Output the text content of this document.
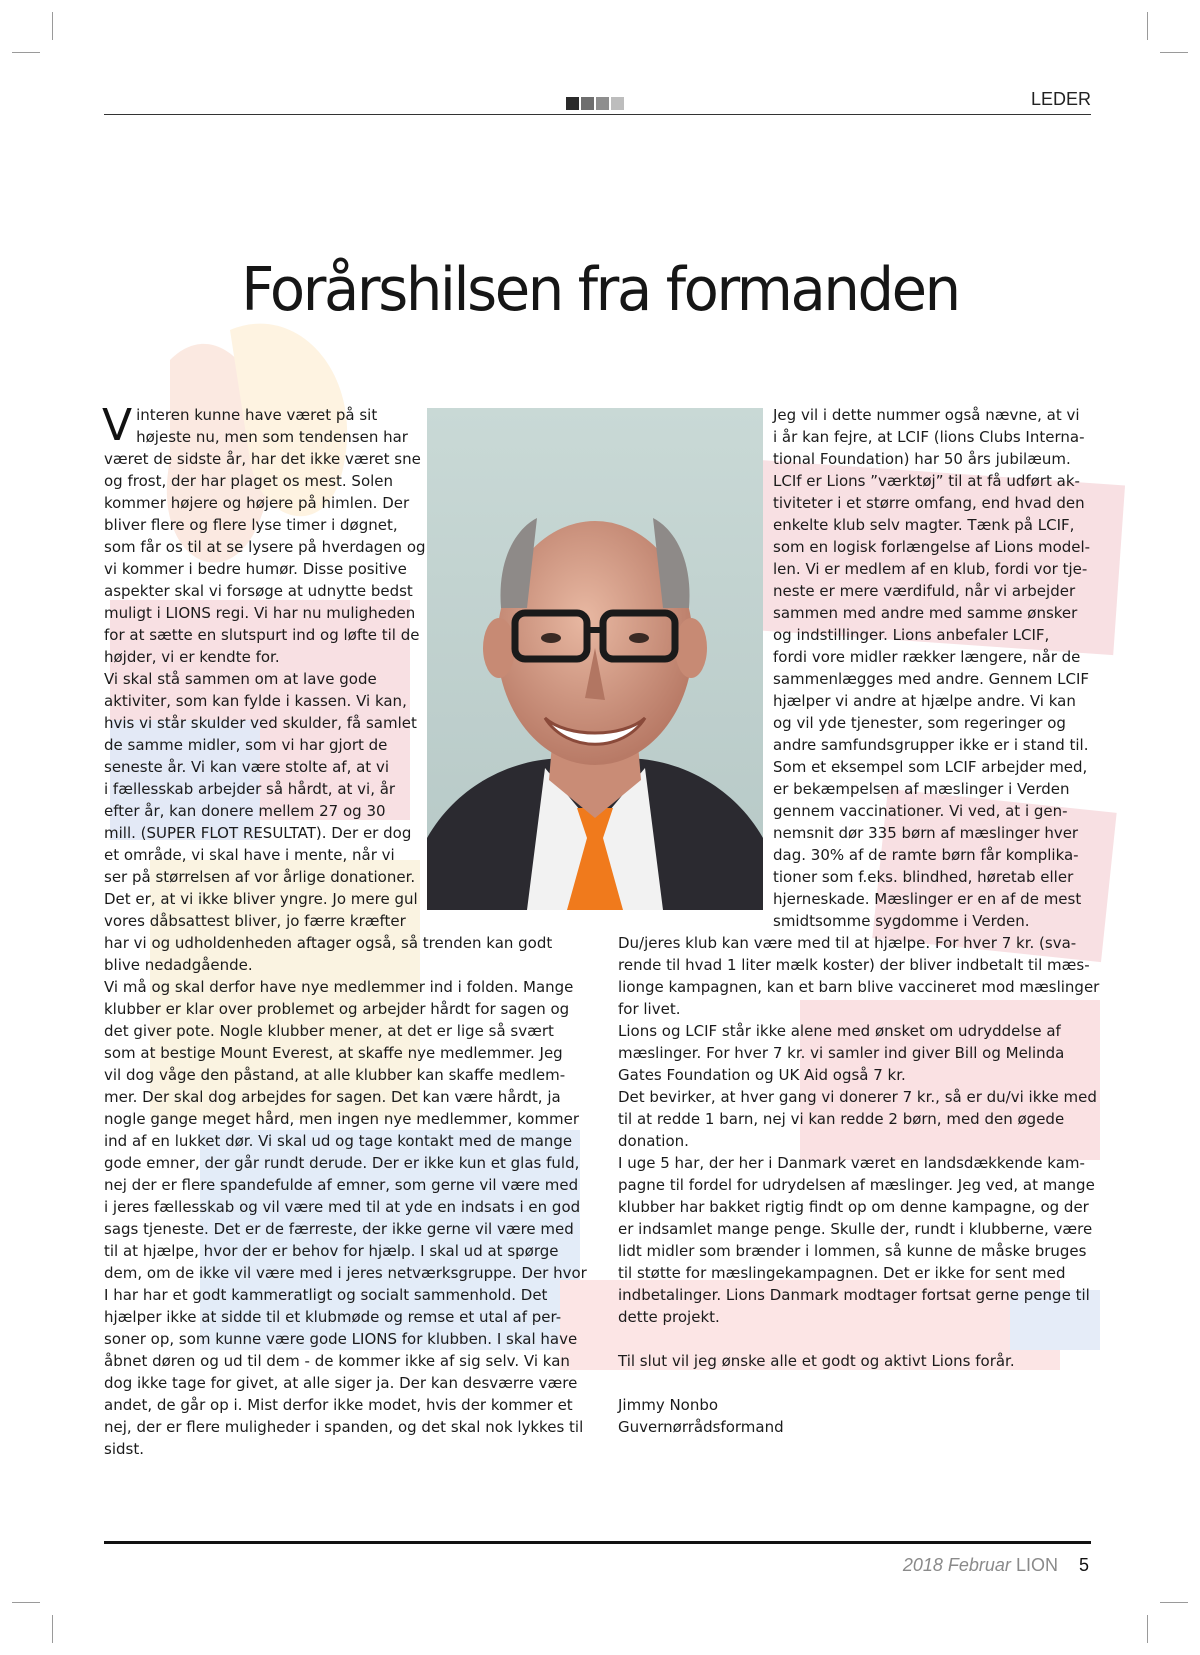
LEDER
Forårshilsen fra formanden
V interen kunne have været på sit

højeste nu, men som tendensen har

været de sidste år, har det ikke været sne

og frost, der har plaget os mest. Solen

kommer højere og højere på himlen. Der

bliver flere og flere lyse timer i døgnet,

som får os til at se lysere på hverdagen og

vi kommer i bedre humør. Disse positive

aspekter skal vi forsøge at udnytte bedst

muligt i LIONS regi. Vi har nu muligheden

for at sætte en slutspurt ind og løfte til de

højder, vi er kendte for.

Vi skal stå sammen om at lave gode

aktiviter, som kan fylde i kassen. Vi kan,

hvis vi står skulder ved skulder, få samlet

de samme midler, som vi har gjort de

seneste år. Vi kan være stolte af, at vi

i fællesskab arbejder så hårdt, at vi, år

efter år, kan donere mellem 27 og 30

mill. (SUPER FLOT RESULTAT). Der er dog

et område, vi skal have i mente, når vi

ser på størrelsen af vor årlige donationer.

Det er, at vi ikke bliver yngre. Jo mere gul

vores dåbsattest bliver, jo færre kræfter

har vi og udholdenheden aftager også, så trenden kan godt

blive nedadgående.

Vi må og skal derfor have nye medlemmer ind i folden. Mange

klubber er klar over problemet og arbejder hårdt for sagen og

det giver pote. Nogle klubber mener, at det er lige så svært

som at bestige Mount Everest, at skaffe nye medlemmer. Jeg

vil dog våge den påstand, at alle klubber kan skaffe medlem-

mer. Der skal dog arbejdes for sagen. Det kan være hårdt, ja

nogle gange meget hård, men ingen nye medlemmer, kommer

ind af en lukket dør. Vi skal ud og tage kontakt med de mange

gode emner, der går rundt derude. Der er ikke kun et glas fuld,

nej der er flere spandefulde af emner, som gerne vil være med

i jeres fællesskab og vil være med til at yde en indsats i en god

sags tjeneste. Det er de færreste, der ikke gerne vil være med

til at hjælpe, hvor der er behov for hjælp. I skal ud at spørge

dem, om de ikke vil være med i jeres netværksgruppe. Der hvor

I har har et godt kammeratligt og socialt sammenhold. Det

hjælper ikke at sidde til et klubmøde og remse et utal af per-

soner op, som kunne være gode LIONS for klubben. I skal have

åbnet døren og ud til dem - de kommer ikke af sig selv. Vi kan

dog ikke tage for givet, at alle siger ja. Der kan desværre være

andet, de går op i. Mist derfor ikke modet, hvis der kommer et

nej, der er flere muligheder i spanden, og det skal nok lykkes til

sidst.

Jeg vil i dette nummer også nævne, at vi

i år kan fejre, at LCIF (lions Clubs Interna-

tional Foundation) har 50 års jubilæum.

LCIf er Lions ”værktøj” til at få udført ak-

tiviteter i et større omfang, end hvad den

enkelte klub selv magter. Tænk på LCIF,

som en logisk forlængelse af Lions model-

len. Vi er medlem af en klub, fordi vor tje-

neste er mere værdifuld, når vi arbejder

sammen med andre med samme ønsker

og indstillinger. Lions anbefaler LCIF,

fordi vore midler rækker længere, når de

sammenlægges med andre. Gennem LCIF

hjælper vi andre at hjælpe andre. Vi kan

og vil yde tjenester, som regeringer og

andre samfundsgrupper ikke er i stand til.

Som et eksempel som LCIF arbejder med,

er bekæmpelsen af mæslinger i Verden

gennem vaccinationer. Vi ved, at i gen-

nemsnit dør 335 børn af mæslinger hver

dag. 30% af de ramte børn får komplika-

tioner som f.eks. blindhed, høretab eller

hjerneskade. Mæslinger er en af de mest

smidtsomme sygdomme i Verden.

Du/jeres klub kan være med til at hjælpe. For hver 7 kr. (sva-

rende til hvad 1 liter mælk koster) der bliver indbetalt til mæs-

lionge kampagnen, kan et barn blive vaccineret mod mæslinger

for livet.

Lions og LCIF står ikke alene med ønsket om udryddelse af

mæslinger. For hver 7 kr. vi samler ind giver Bill og Melinda

Gates Foundation og UK Aid også 7 kr.

Det bevirker, at hver gang vi donerer 7 kr., så er du/vi ikke med

til at redde 1 barn, nej vi kan redde 2 børn, med den øgede

donation.

I uge 5 har, der her i Danmark været en landsdækkende kam-

pagne til fordel for udrydelsen af mæslinger. Jeg ved, at mange

klubber har bakket rigtig findt op om denne kampagne, og der

er indsamlet mange penge. Skulle der, rundt i klubberne, være

lidt midler som brænder i lommen, så kunne de måske bruges

til støtte for mæslingekampagnen. Det er ikke for sent med

indbetalinger. Lions Danmark modtager fortsat gerne penge til

dette projekt.

Til slut vil jeg ønske alle et godt og aktivt Lions forår.

Jimmy Nonbo

Guvernørrådsformand

2018 Februar LION 5
